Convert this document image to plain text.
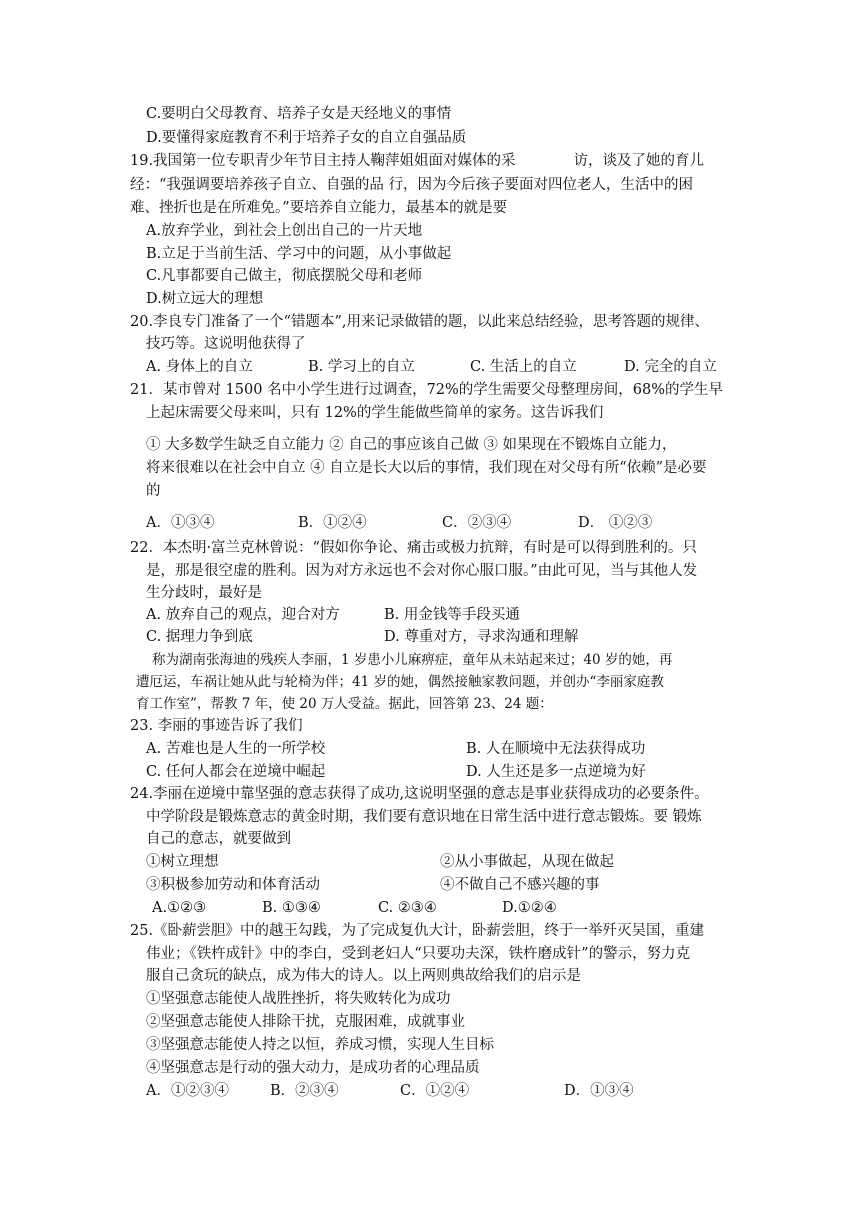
C.要明白父母教育、培养子女是天经地义的事情
D.要懂得家庭教育不利于培养子女的自立自强品质
19.我国第一位专职青少年节目主持人鞠萍姐姐面对媒体的采　　　　访，谈及了她的育儿
经：“我强调要培养孩子自立、自强的品 行，因为今后孩子要面对四位老人，生活中的困
难、挫折也是在所难免。”要培养自立能力，最基本的就是要
A.放弃学业，到社会上创出自己的一片天地
B.立足于当前生活、学习中的问题，从小事做起
C.凡事都要自己做主，彻底摆脱父母和老师
D.树立远大的理想
20.李良专门准备了一个“错题本”,用来记录做错的题，以此来总结经验，思考答题的规律、
技巧等。这说明他获得了
A. 身体上的自立	B. 学习上的自立	C. 生活上的自立	D. 完全的自立
21．某市曾对 1500 名中小学生进行过调查，72%的学生需要父母整理房间，68%的学生早
上起床需要父母来叫，只有 12%的学生能做些简单的家务。这告诉我们
① 大多数学生缺乏自立能力 ② 自己的事应该自己做 ③ 如果现在不锻炼自立能力，
将来很难以在社会中自立 ④ 自立是长大以后的事情，我们现在对父母有所“依赖”是必要
的
A．①③④	B．①②④	C．②③④	D． ①②③
22．本杰明·富兰克林曾说：“假如你争论、痛击或极力抗辩，有时是可以得到胜利的。只
是，那是很空虚的胜利。因为对方永远也不会对你心服口服。”由此可见，当与其他人发
生分歧时，最好是
A. 放弃自己的观点，迎合对方	B. 用金钱等手段买通
C. 据理力争到底	D. 尊重对方，寻求沟通和理解
称为湖南张海迪的残疾人李丽，1 岁患小儿麻痹症，童年从未站起来过；40 岁的她，再
遭厄运，车祸让她从此与轮椅为伴；41 岁的她，偶然接触家教问题，并创办“李丽家庭教
育工作室”，帮教 7 年，使 20 万人受益。据此，回答第 23、24 题：
23. 李丽的事迹告诉了我们
A. 苦难也是人生的一所学校	B. 人在顺境中无法获得成功
C. 任何人都会在逆境中崛起	D. 人生还是多一点逆境为好
24.李丽在逆境中靠坚强的意志获得了成功,这说明坚强的意志是事业获得成功的必要条件。
中学阶段是锻炼意志的黄金时期，我们要有意识地在日常生活中进行意志锻炼。要 锻炼
自己的意志，就要做到
①树立理想	②从小事做起，从现在做起
③积极参加劳动和体育活动	④不做自己不感兴趣的事
A.①②③	B. ①③④	C. ②③④	D.①②④
25.《卧薪尝胆》中的越王勾践，为了完成复仇大计，卧薪尝胆，终于一举歼灭吴国，重建
伟业；《铁杵成针》中的李白，受到老妇人“只要功夫深，铁杵磨成针”的警示，努力克
服自己贪玩的缺点，成为伟大的诗人。以上两则典故给我们的启示是
①坚强意志能使人战胜挫折，将失败转化为成功
②坚强意志能使人排除干扰，克服困难，成就事业
③坚强意志能使人持之以恒，养成习惯，实现人生目标
④坚强意志是行动的强大动力，是成功者的心理品质
A．①②③④	B．②③④	C．①②④	D．①③④
